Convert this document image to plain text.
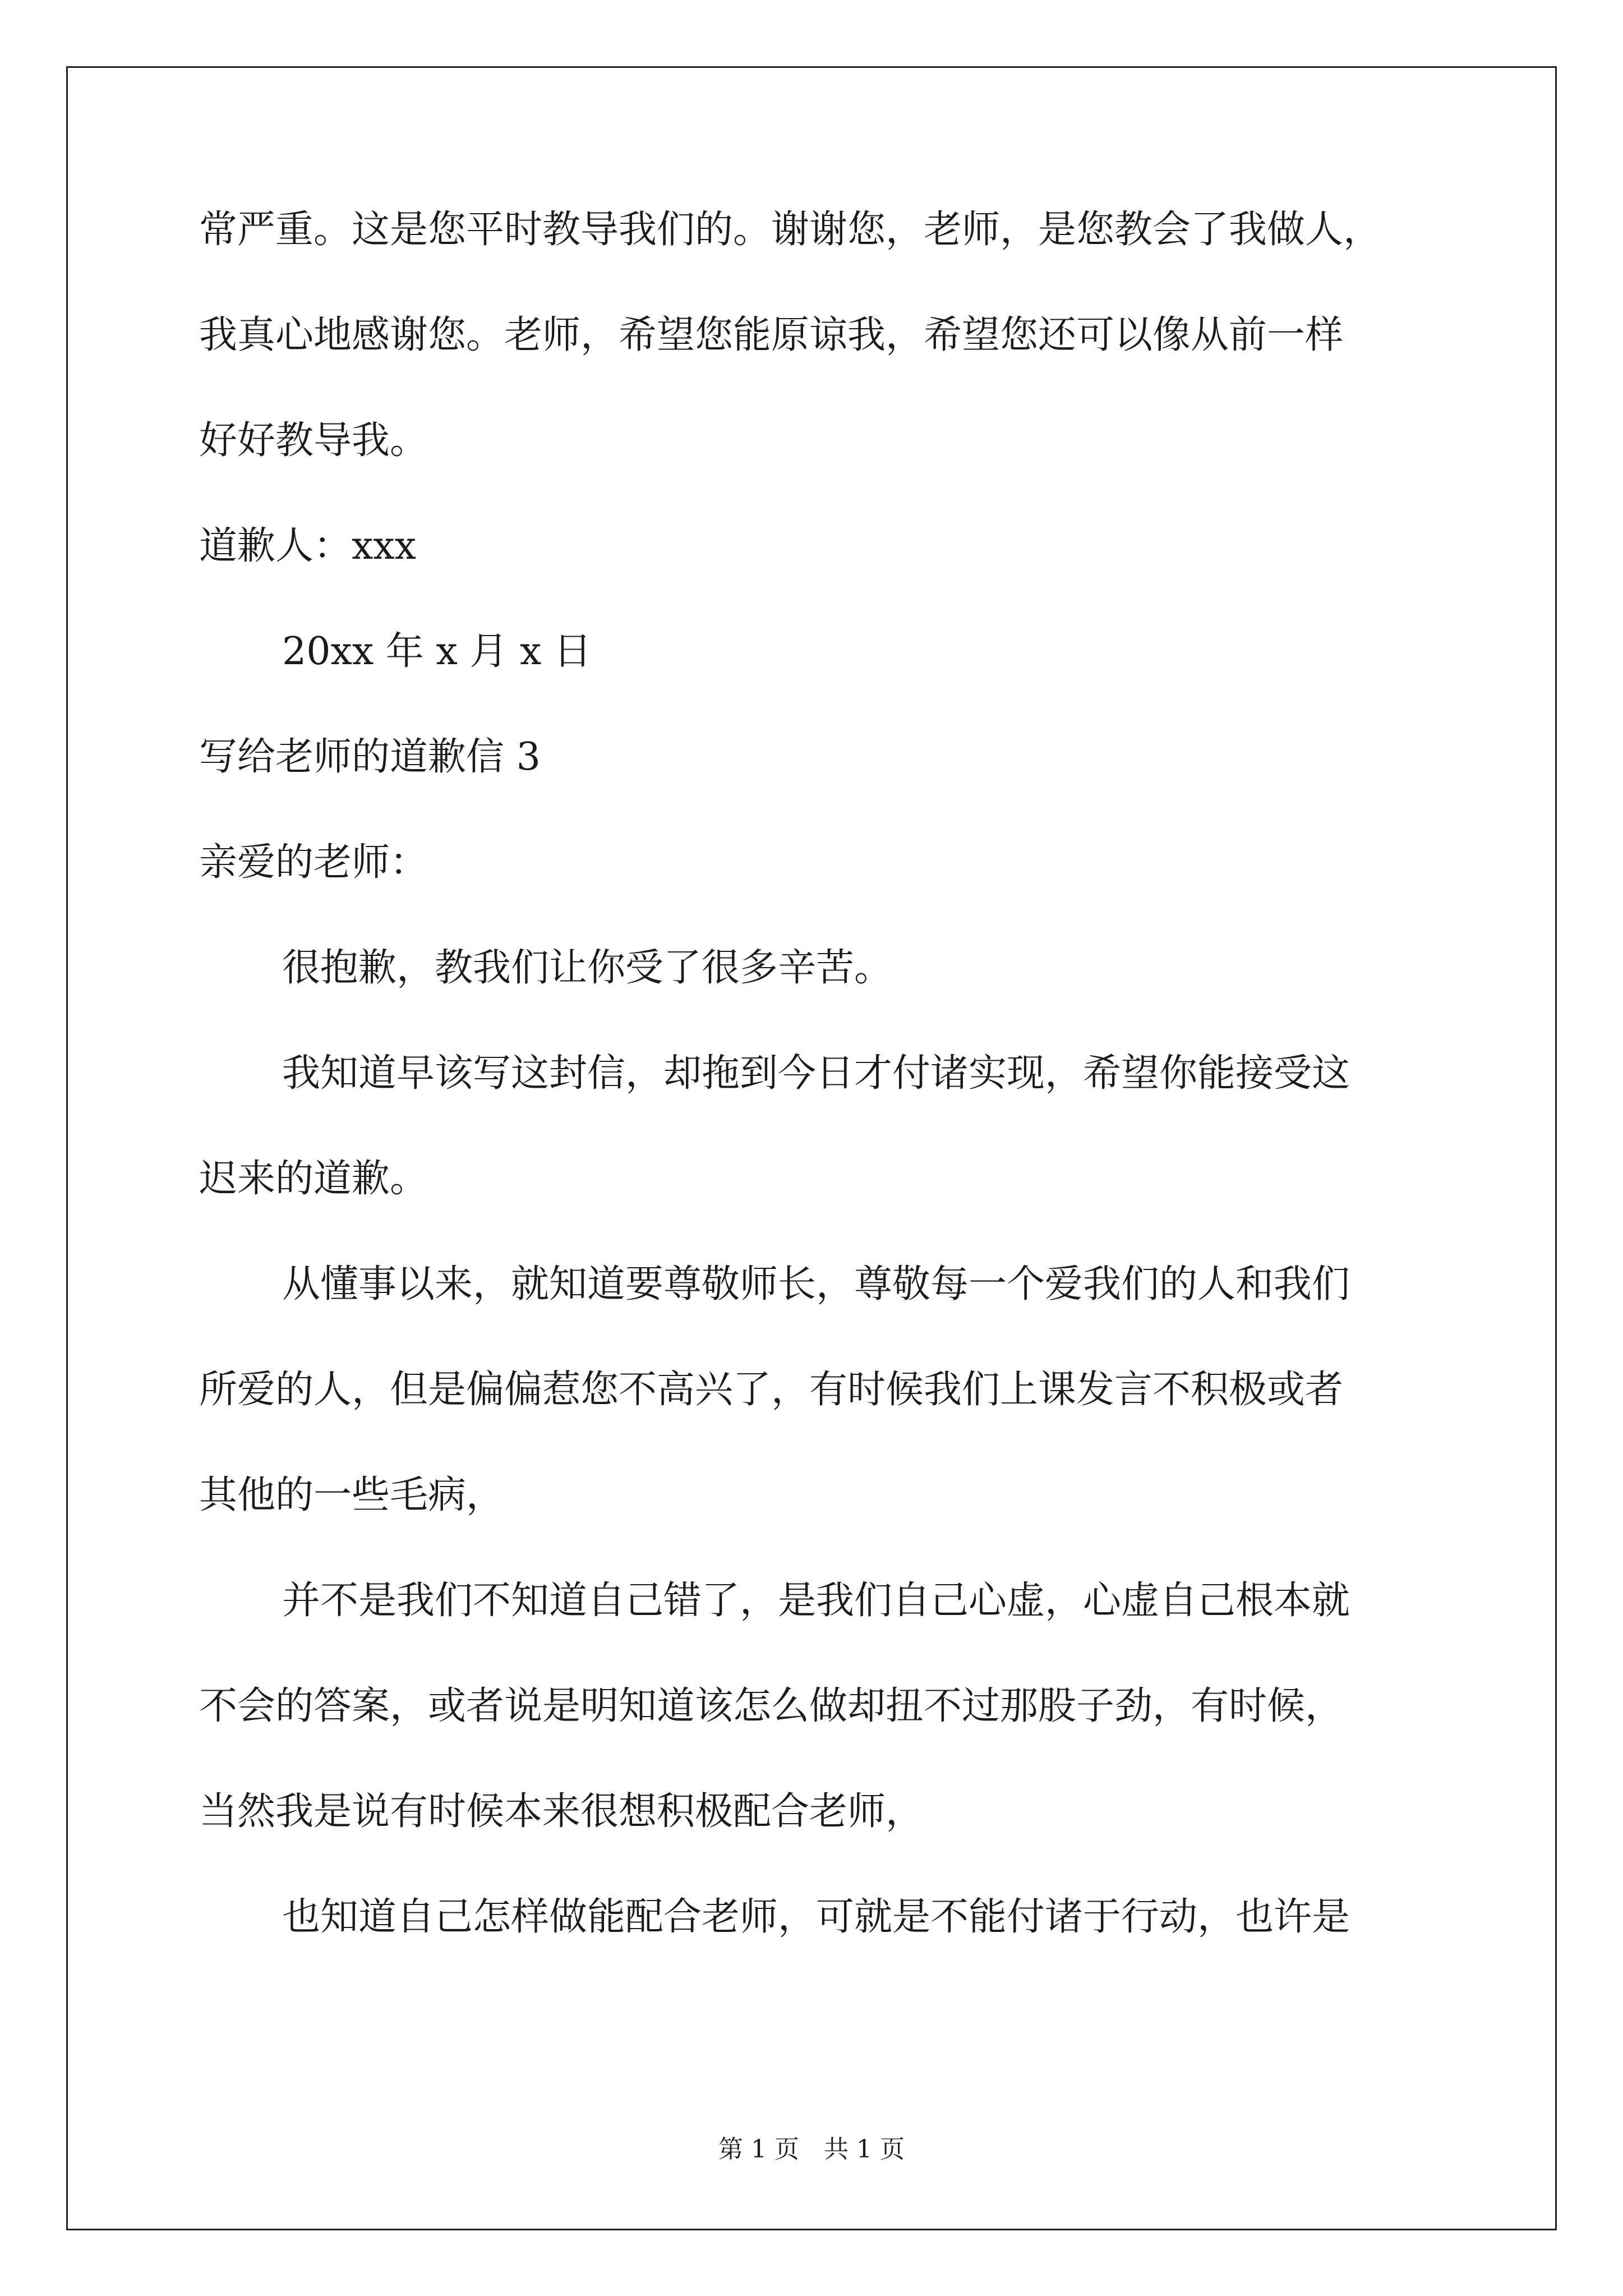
常严重。这是您平时教导我们的。谢谢您，老师，是您教会了我做人，
我真心地感谢您。老师，希望您能原谅我，希望您还可以像从前一样
好好教导我。
道歉人：xxx
20xx 年 x 月 x 日
写给老师的道歉信 3
亲爱的老师：
很抱歉，教我们让你受了很多辛苦。
我知道早该写这封信，却拖到今日才付诸实现，希望你能接受这
迟来的道歉。
从懂事以来，就知道要尊敬师长，尊敬每一个爱我们的人和我们
所爱的人，但是偏偏惹您不高兴了，有时候我们上课发言不积极或者
其他的一些毛病，
并不是我们不知道自己错了，是我们自己心虚，心虚自己根本就
不会的答案，或者说是明知道该怎么做却扭不过那股子劲，有时候，
当然我是说有时候本来很想积极配合老师，
也知道自己怎样做能配合老师，可就是不能付诸于行动，也许是
第 1 页 共 1 页
